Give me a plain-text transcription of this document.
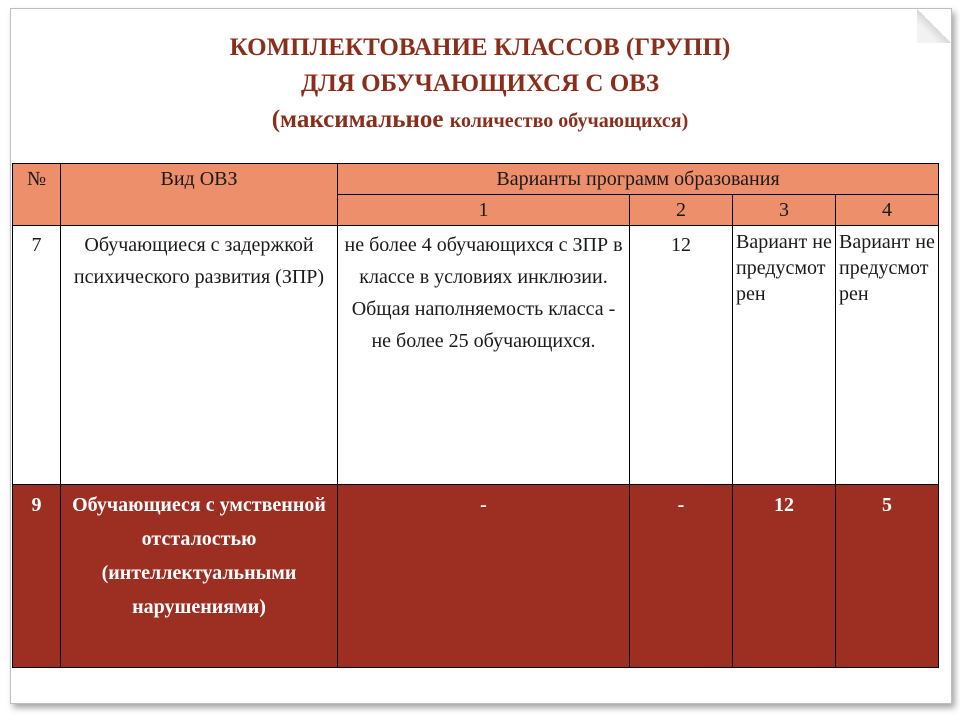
КОМПЛЕКТОВАНИЕ КЛАССОВ (ГРУПП)
ДЛЯ ОБУЧАЮЩИХСЯ С ОВЗ
(максимальное количество обучающихся)
№	Вид ОВЗ	Варианты программ образования			
		1	2	3	4
7	Обучающиеся с задержкой психического развития (ЗПР)	не более 4 обучающихся с ЗПР в классе в условиях инклюзии. Общая наполняемость класса - не более 25 обучающихся.	12	Вариант не предусмотрен	Вариант не предусмотрен
9	Обучающиеся с умственной отсталостью (интеллектуальными нарушениями)	-	-	12	5
